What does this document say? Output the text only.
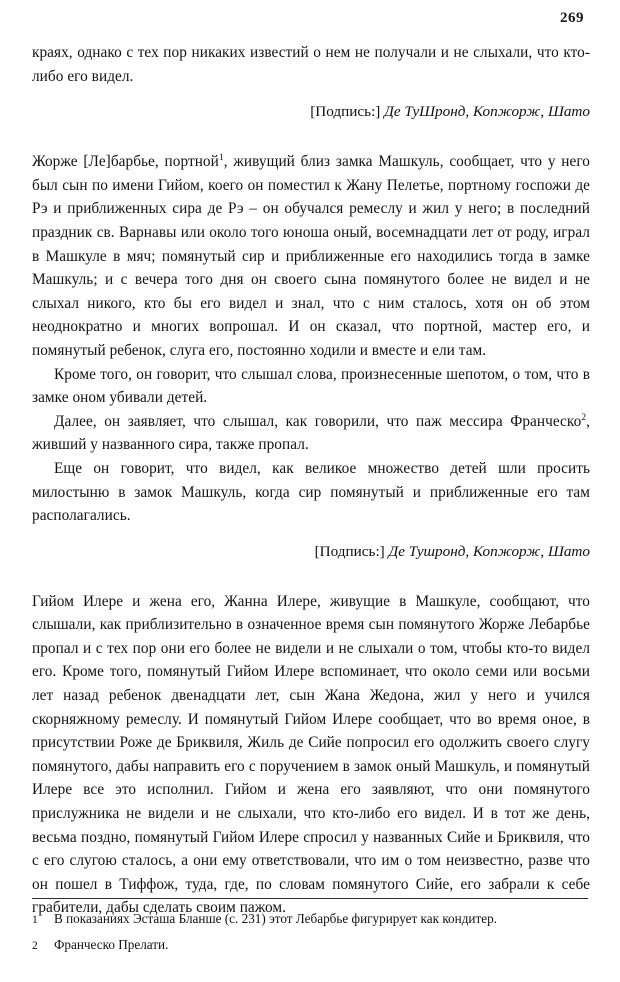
269

краях, однако с тех пор никаких известий о нем не получали и не слыхали, что кто-либо его видел.

[Подпись:] Де ТуШронд, Копжорж, Шато

Жорже [Ле]барбье, портной$^1$, живущий близ замка Машкуль, сообщает, что у него был сын по имени Гийом, коего он поместил к Жану Пелетье, портному госпожи де Рэ и приближенных сира де Рэ – он обучался ремеслу и жил у него; в последний праздник св. Варнавы или около того юноша оный, восемнадцати лет от роду, играл в Машкуле в мяч; помянутый сир и приближенные его находились тогда в замке Машкуль; и с вечера того дня он своего сына помянутого более не видел и не слыхал никого, кто бы его видел и знал, что с ним сталось, хотя он об этом неоднократно и многих вопрошал. И он сказал, что портной, мастер его, и помянутый ребенок, слуга его, постоянно ходили и вместе и ели там.

Кроме того, он говорит, что слышал слова, произнесенные шепотом, о том, что в замке оном убивали детей.

Далее, он заявляет, что слышал, как говорили, что паж мессира Франческо$^2$, живший у названного сира, также пропал.

Еще он говорит, что видел, как великое множество детей шли просить милостыню в замок Машкуль, когда сир помянутый и приближенные его там располагались.

[Подпись:] Де Тушронд, Копжорж, Шато

Гийом Илере и жена его, Жанна Илере, живущие в Машкуле, сообщают, что слышали, как приблизительно в означенное время сын помянутого Жорже Лебарбье пропал и с тех пор они его более не видели и не слыхали о том, чтобы кто-то видел его. Кроме того, помянутый Гийом Илере вспоминает, что около семи или восьми лет назад ребенок двенадцати лет, сын Жана Жедона, жил у него и учился скорняжному ремеслу. И помянутый Гийом Илере сообщает, что во время оное, в присутствии Роже де Бриквиля, Жиль де Сийе попросил его одолжить своего слугу помянутого, дабы направить его с поручением в замок оный Машкуль, и помянутый Илере все это исполнил. Гийом и жена его заявляют, что они помянутого прислужника не видели и не слыхали, что кто-либо его видел. И в тот же день, весьма поздно, помянутый Гийом Илере спросил у названных Сийе и Бриквиля, что с его слугою сталось, а они ему ответствовали, что им о том неизвестно, разве что он пошел в Тиффож, туда, где, по словам помянутого Сийе, его забрали к себе грабители, дабы сделать своим пажом.

1	В показаниях Эсташа Бланше (с. 231) этот Лебарбье фигурирует как кондитер.
2	Франческо Прелати.
